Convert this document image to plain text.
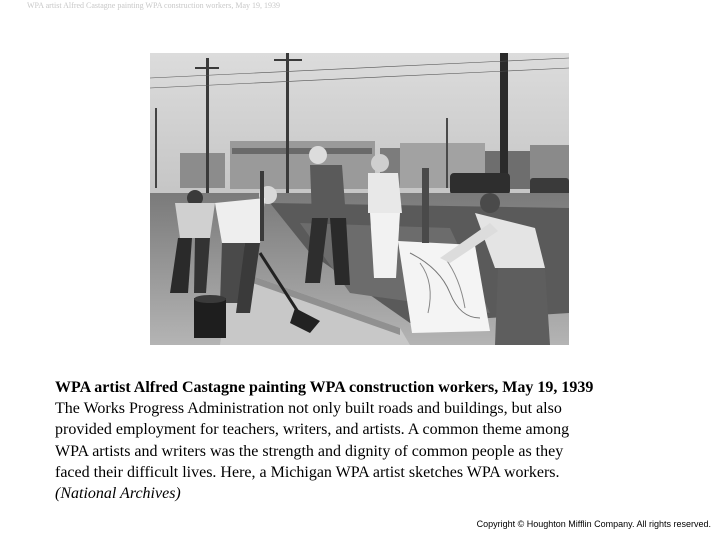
WPA artist Alfred Castagne painting WPA construction workers, May 19, 1939
WPA artist Alfred Castagne painting WPA construction workers, May 19, 1939
The Works Progress Administration not only built roads and buildings, but also
provided employment for teachers, writers, and artists. A common theme among
WPA artists and writers was the strength and dignity of common people as they
faced their difficult lives. Here, a Michigan WPA artist sketches WPA workers.
(National Archives)
Copyright © Houghton Mifflin Company. All rights reserved.
